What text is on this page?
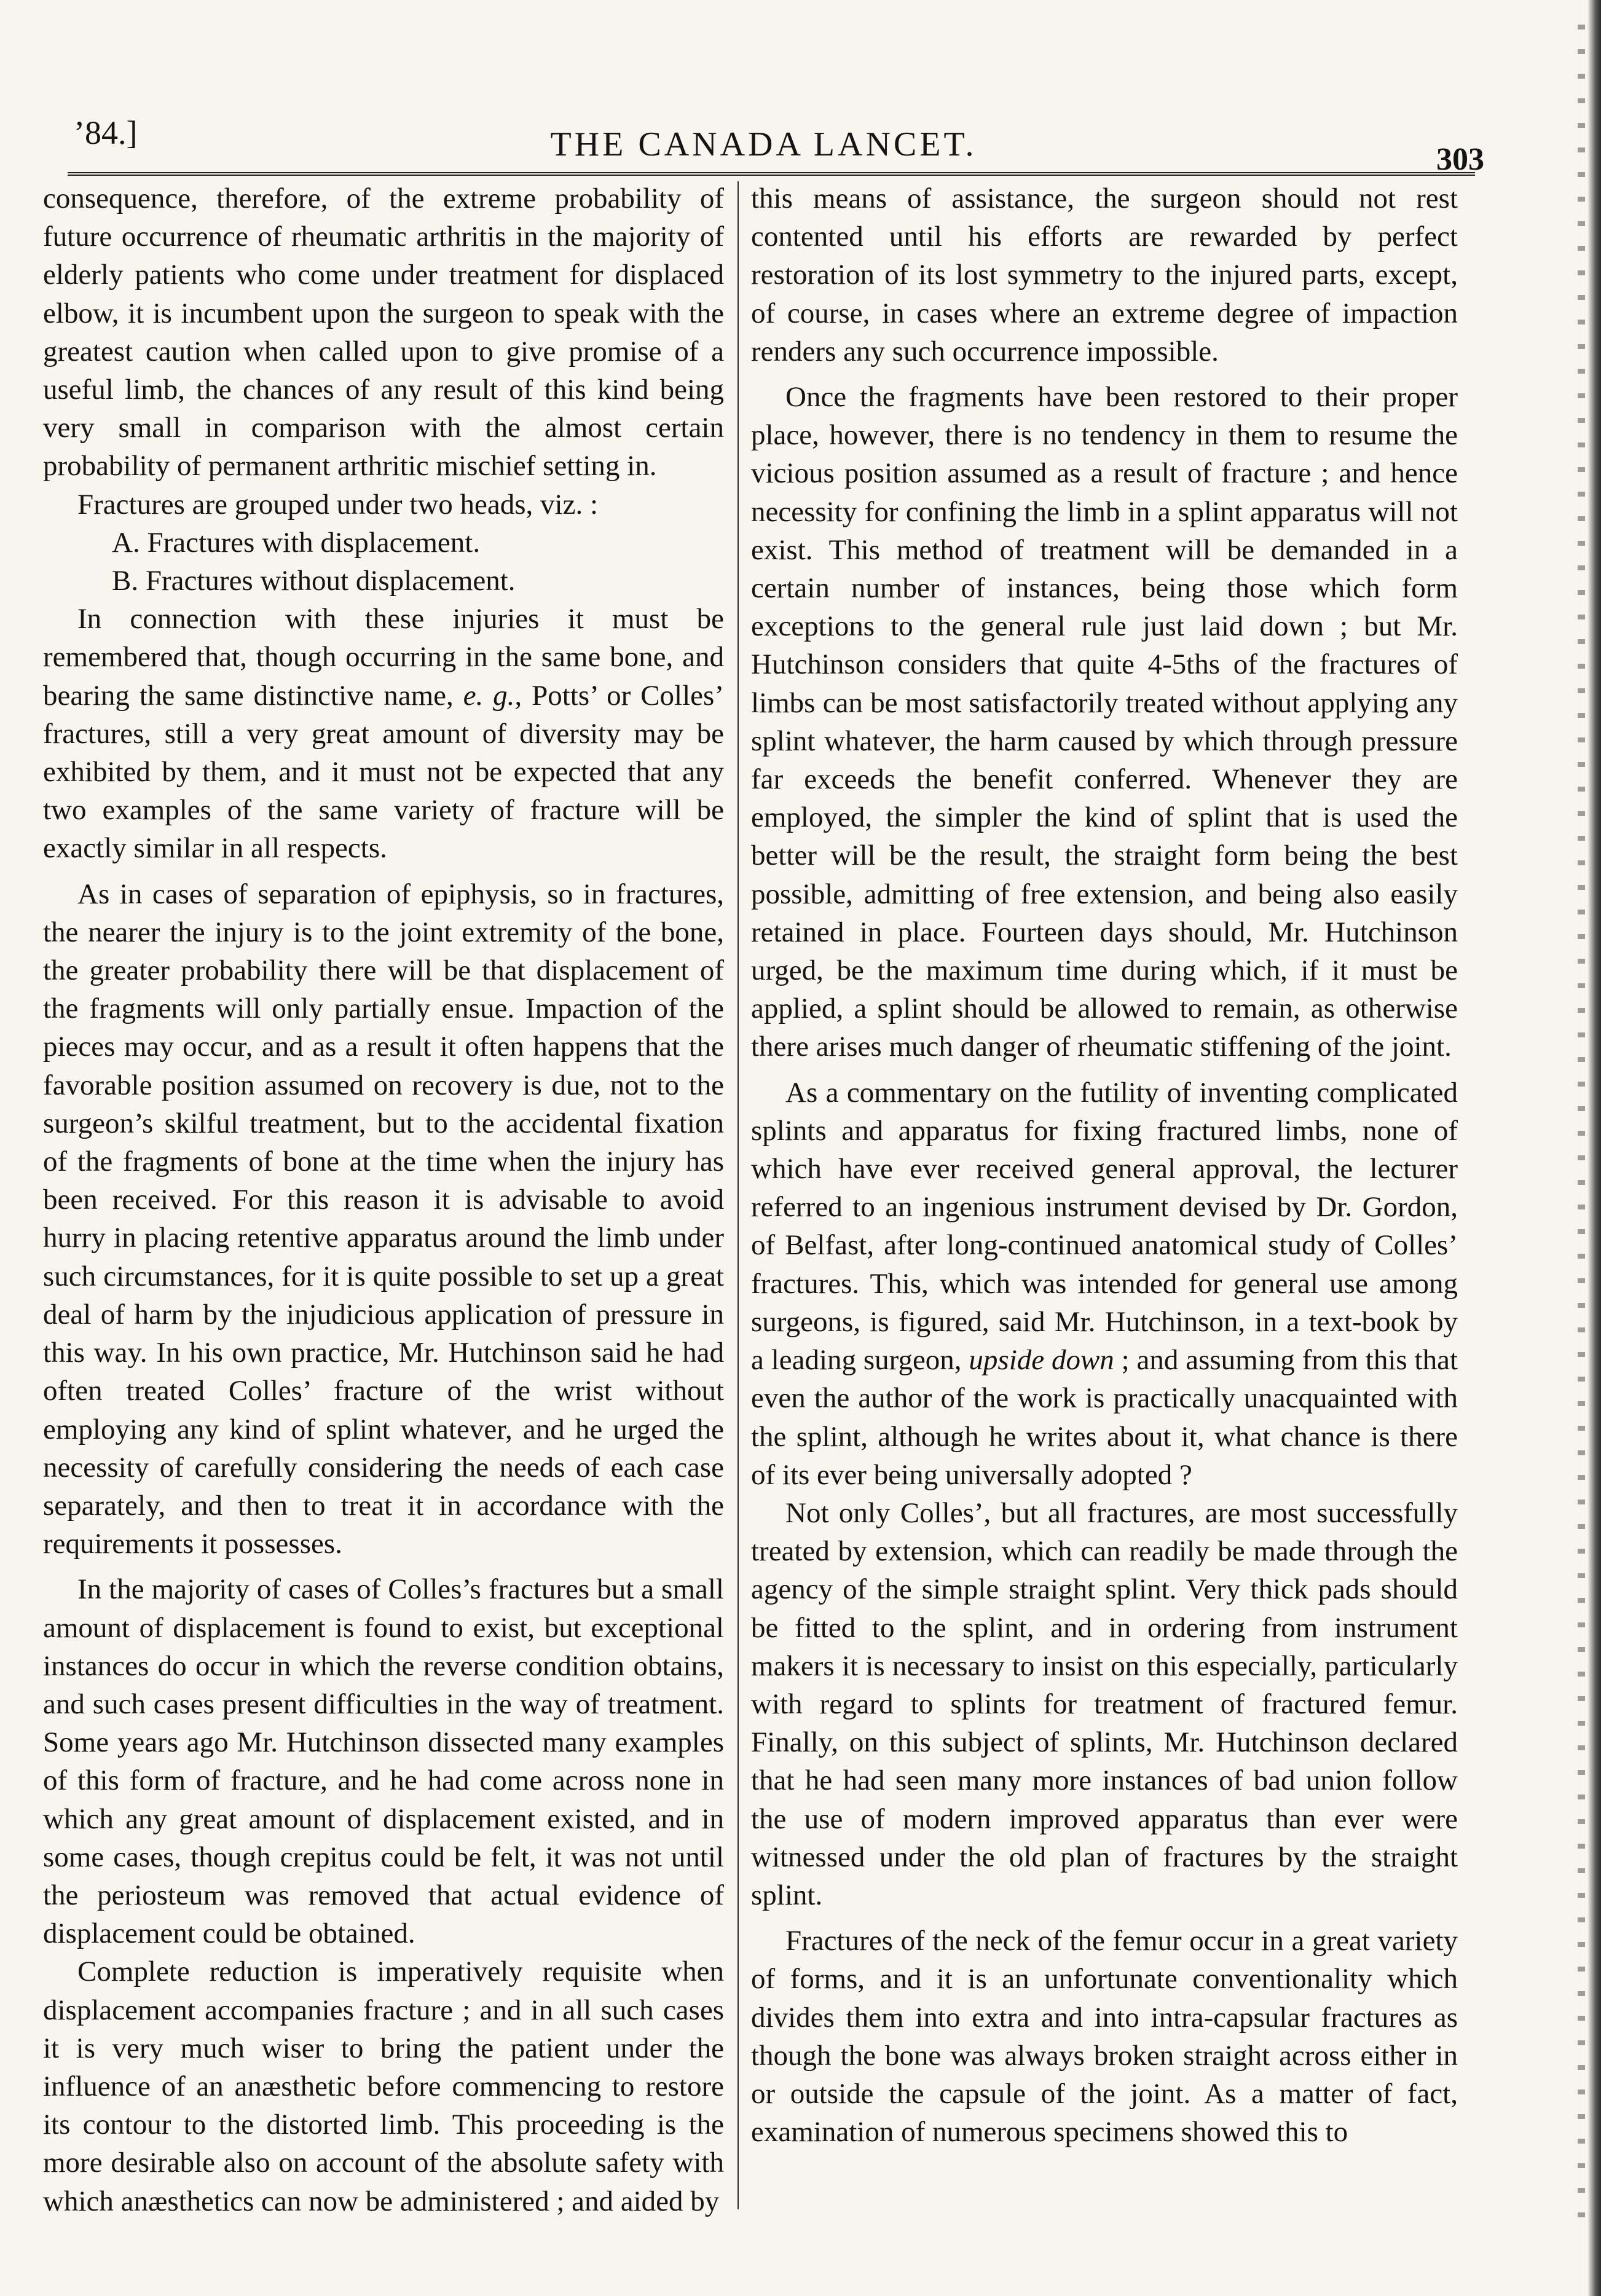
’84.]	THE CANADA LANCET.	303

consequence, therefore, of the extreme probability of future occurrence of rheumatic arthritis in the majority of elderly patients who come under treatment for displaced elbow, it is incumbent upon the surgeon to speak with the greatest caution when called upon to give promise of a useful limb, the chances of any result of this kind being very small in comparison with the almost certain probability of permanent arthritic mischief setting in.

Fractures are grouped under two heads, viz. :

A. Fractures with displacement.

B. Fractures without displacement.

In connection with these injuries it must be remembered that, though occurring in the same bone, and bearing the same distinctive name, e. g., Potts’ or Colles’ fractures, still a very great amount of diversity may be exhibited by them, and it must not be expected that any two examples of the same variety of fracture will be exactly similar in all respects.

As in cases of separation of epiphysis, so in fractures, the nearer the injury is to the joint extremity of the bone, the greater probability there will be that displacement of the fragments will only partially ensue. Impaction of the pieces may occur, and as a result it often happens that the favorable position assumed on recovery is due, not to the surgeon’s skilful treatment, but to the accidental fixation of the fragments of bone at the time when the injury has been received. For this reason it is advisable to avoid hurry in placing retentive apparatus around the limb under such circumstances, for it is quite possible to set up a great deal of harm by the injudicious application of pressure in this way. In his own practice, Mr. Hutchinson said he had often treated Colles’ fracture of the wrist without employing any kind of splint whatever, and he urged the necessity of carefully considering the needs of each case separately, and then to treat it in accordance with the requirements it possesses.

In the majority of cases of Colles’s fractures but a small amount of displacement is found to exist, but exceptional instances do occur in which the reverse condition obtains, and such cases present difficulties in the way of treatment. Some years ago Mr. Hutchinson dissected many examples of this form of fracture, and he had come across none in which any great amount of displacement existed, and in some cases, though crepitus could be felt, it was not until the periosteum was removed that actual evidence of displacement could be obtained.

Complete reduction is imperatively requisite when displacement accompanies fracture ; and in all such cases it is very much wiser to bring the patient under the influence of an anæsthetic before commencing to restore its contour to the distorted limb. This proceeding is the more desirable also on account of the absolute safety with which anæsthetics can now be administered ; and aided by

this means of assistance, the surgeon should not rest contented until his efforts are rewarded by perfect restoration of its lost symmetry to the injured parts, except, of course, in cases where an extreme degree of impaction renders any such occurrence impossible.

Once the fragments have been restored to their proper place, however, there is no tendency in them to resume the vicious position assumed as a result of fracture ; and hence necessity for confining the limb in a splint apparatus will not exist. This method of treatment will be demanded in a certain number of instances, being those which form exceptions to the general rule just laid down ; but Mr. Hutchinson considers that quite 4-5ths of the fractures of limbs can be most satisfactorily treated without applying any splint whatever, the harm caused by which through pressure far exceeds the benefit conferred. Whenever they are employed, the simpler the kind of splint that is used the better will be the result, the straight form being the best possible, admitting of free extension, and being also easily retained in place. Fourteen days should, Mr. Hutchinson urged, be the maximum time during which, if it must be applied, a splint should be allowed to remain, as otherwise there arises much danger of rheumatic stiffening of the joint.

As a commentary on the futility of inventing complicated splints and apparatus for fixing fractured limbs, none of which have ever received general approval, the lecturer referred to an ingenious instrument devised by Dr. Gordon, of Belfast, after long-continued anatomical study of Colles’ fractures. This, which was intended for general use among surgeons, is figured, said Mr. Hutchinson, in a text-book by a leading surgeon, upside down ; and assuming from this that even the author of the work is practically unacquainted with the splint, although he writes about it, what chance is there of its ever being universally adopted ?

Not only Colles’, but all fractures, are most successfully treated by extension, which can readily be made through the agency of the simple straight splint. Very thick pads should be fitted to the splint, and in ordering from instrument makers it is necessary to insist on this especially, particularly with regard to splints for treatment of fractured femur. Finally, on this subject of splints, Mr. Hutchinson declared that he had seen many more instances of bad union follow the use of modern improved apparatus than ever were witnessed under the old plan of fractures by the straight splint.

Fractures of the neck of the femur occur in a great variety of forms, and it is an unfortunate conventionality which divides them into extra and into intra-capsular fractures as though the bone was always broken straight across either in or outside the capsule of the joint. As a matter of fact, examination of numerous specimens showed this to
